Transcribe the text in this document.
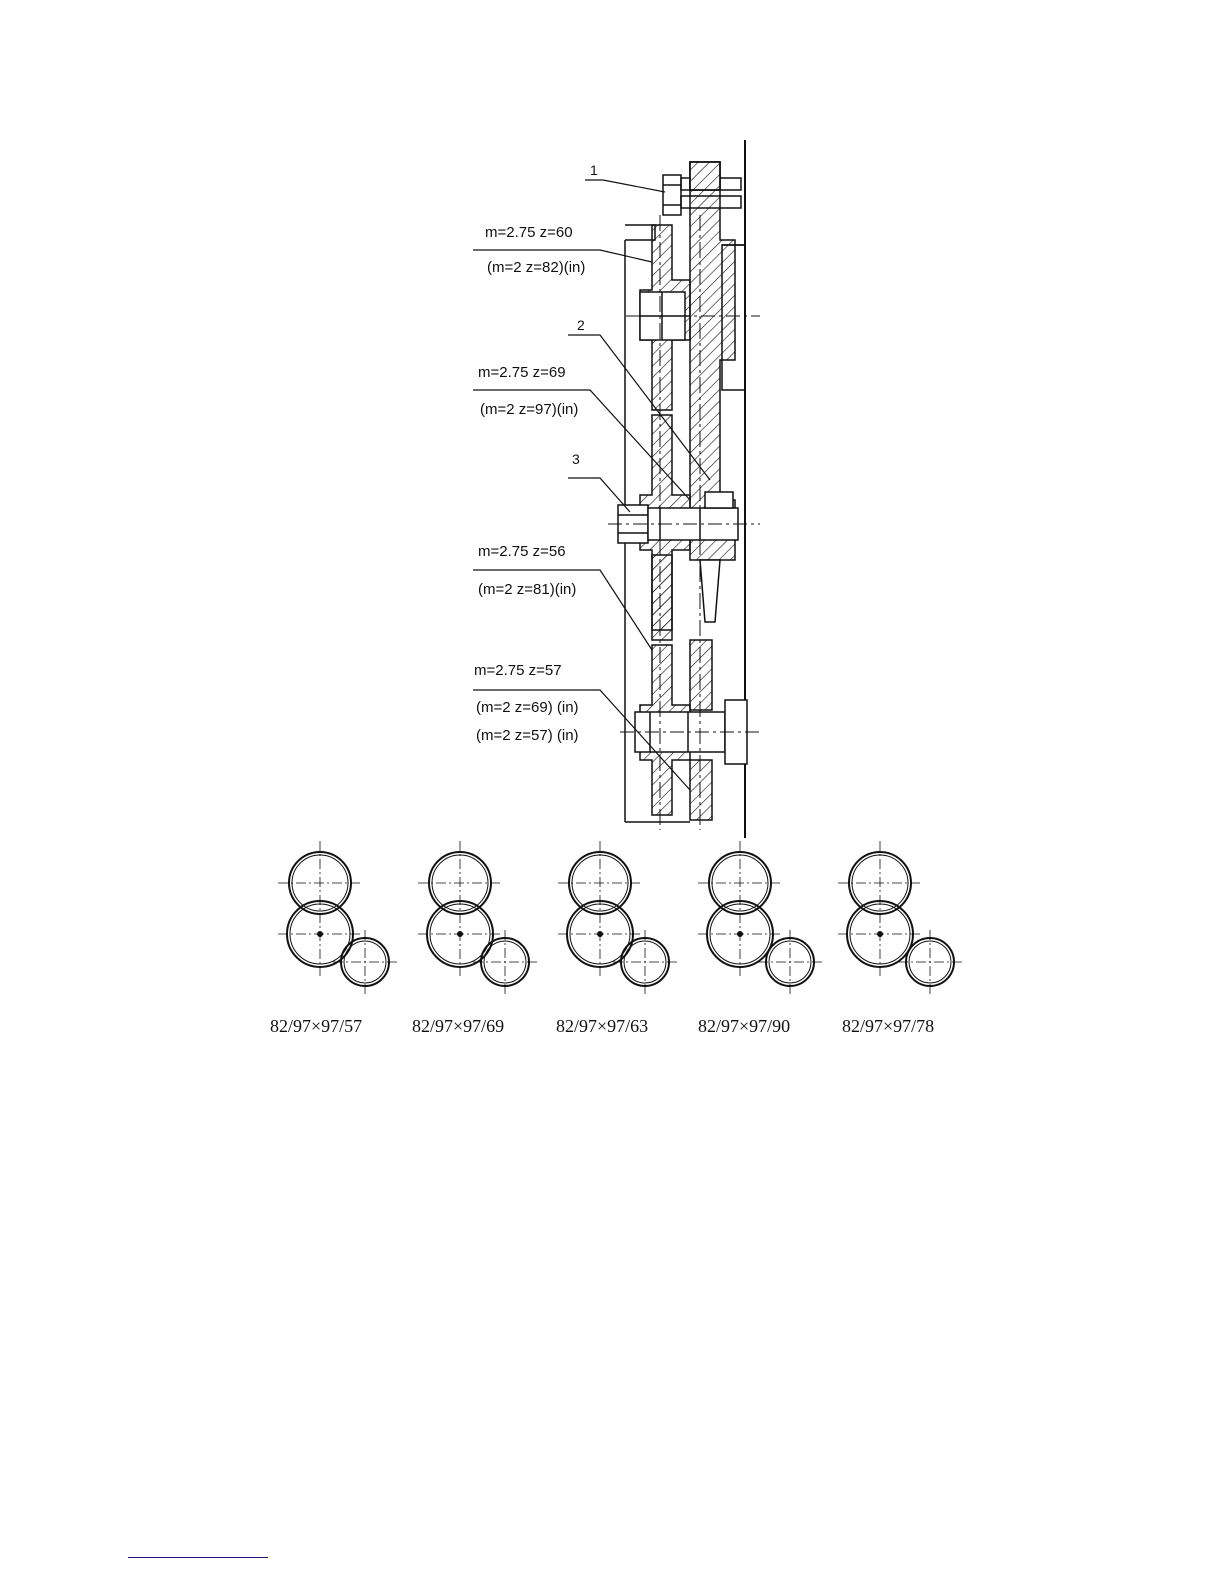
1
2
3
m=2.75 z=60
(m=2 z=82)(in)
m=2.75 z=69
(m=2 z=97)(in)
m=2.75 z=56
(m=2 z=81)(in)
m=2.75 z=57
(m=2 z=69) (in)
(m=2 z=57) (in)
82/97×97/57	82/97×97/69	82/97×97/63	82/97×97/90	82/97×97/78
